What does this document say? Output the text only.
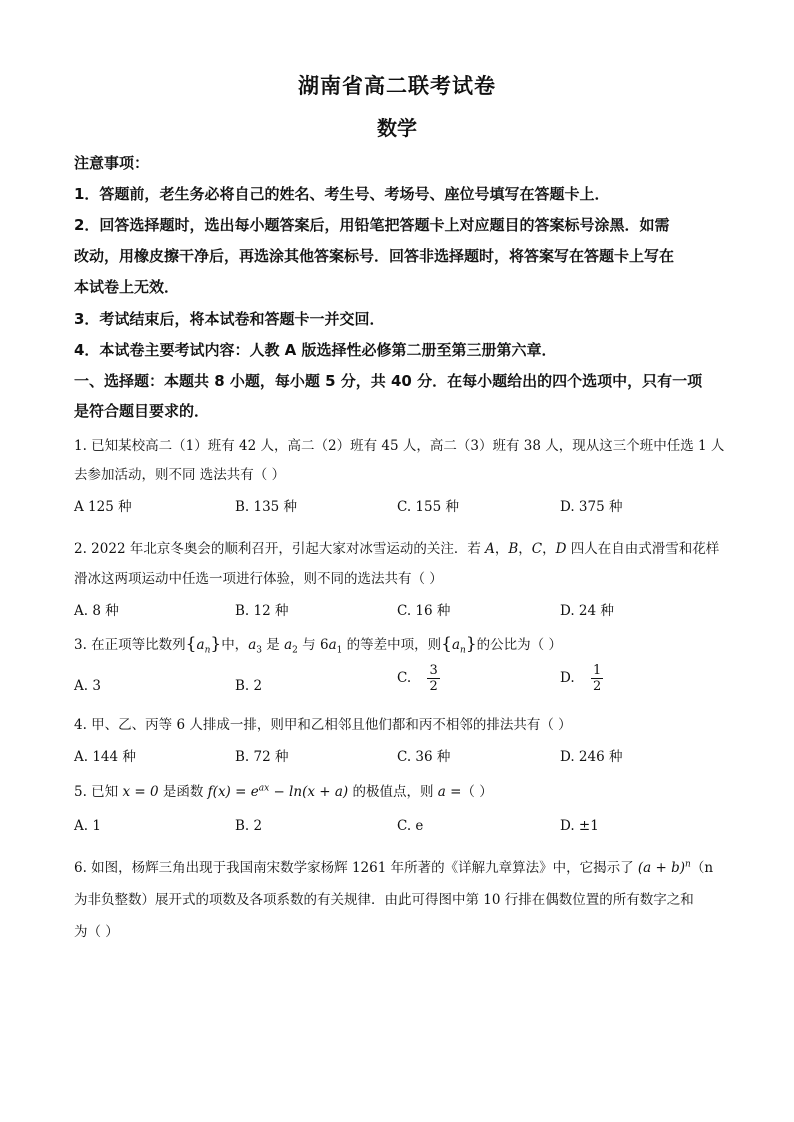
湖南省高二联考试卷
数学
注意事项：
1．答题前，老生务必将自己的姓名、考生号、考场号、座位号填写在答题卡上．
2．回答选择题时，选出每小题答案后，用铅笔把答题卡上对应题目的答案标号涂黑．如需
改动，用橡皮擦干净后，再选涂其他答案标号．回答非选择题时，将答案写在答题卡上写在
本试卷上无效．
3．考试结束后，将本试卷和答题卡一并交回．
4．本试卷主要考试内容：人教 A 版选择性必修第二册至第三册第六章．
一、选择题：本题共 8 小题，每小题 5 分，共 40 分．在每小题给出的四个选项中，只有一项
是符合题目要求的．
1. 已知某校高二（1）班有 42 人，高二（2）班有 45 人，高二（3）班有 38 人，现从这三个班中任选 1 人
去参加活动，则不同 选法共有（ ）
A 125 种	B. 135 种	C. 155 种	D. 375 种
2. 2022 年北京冬奥会的顺利召开，引起大家对冰雪运动的关注．若 A，B，C，D 四人在自由式滑雪和花样
滑冰这两项运动中任选一项进行体验，则不同的选法共有（ ）
A. 8 种	B. 12 种	C. 16 种	D. 24 种
3. 在正项等比数列$\{a_n\}$中，$a_3$ 是 $a_2$ 与 $6a_1$ 的等差中项，则$\{a_n\}$的公比为（ ）
A. 3	B. 2	C. $\frac{3}{2}$	D. $\frac{1}{2}$
4. 甲、乙、丙等 6 人排成一排，则甲和乙相邻且他们都和丙不相邻的排法共有（ ）
A. 144 种	B. 72 种	C. 36 种	D. 246 种
5. 已知 x = 0 是函数 $f(x) = e^{ax} - \ln(x + a)$ 的极值点，则 a =（ ）
A. 1	B. 2	C. e	D. ±1
6. 如图，杨辉三角出现于我国南宋数学家杨辉 1261 年所著的《详解九章算法》中，它揭示了 $(a + b)^n(n$
为非负整数）展开式的项数及各项系数的有关规律．由此可得图中第 10 行排在偶数位置的所有数字之和
为（ ）
